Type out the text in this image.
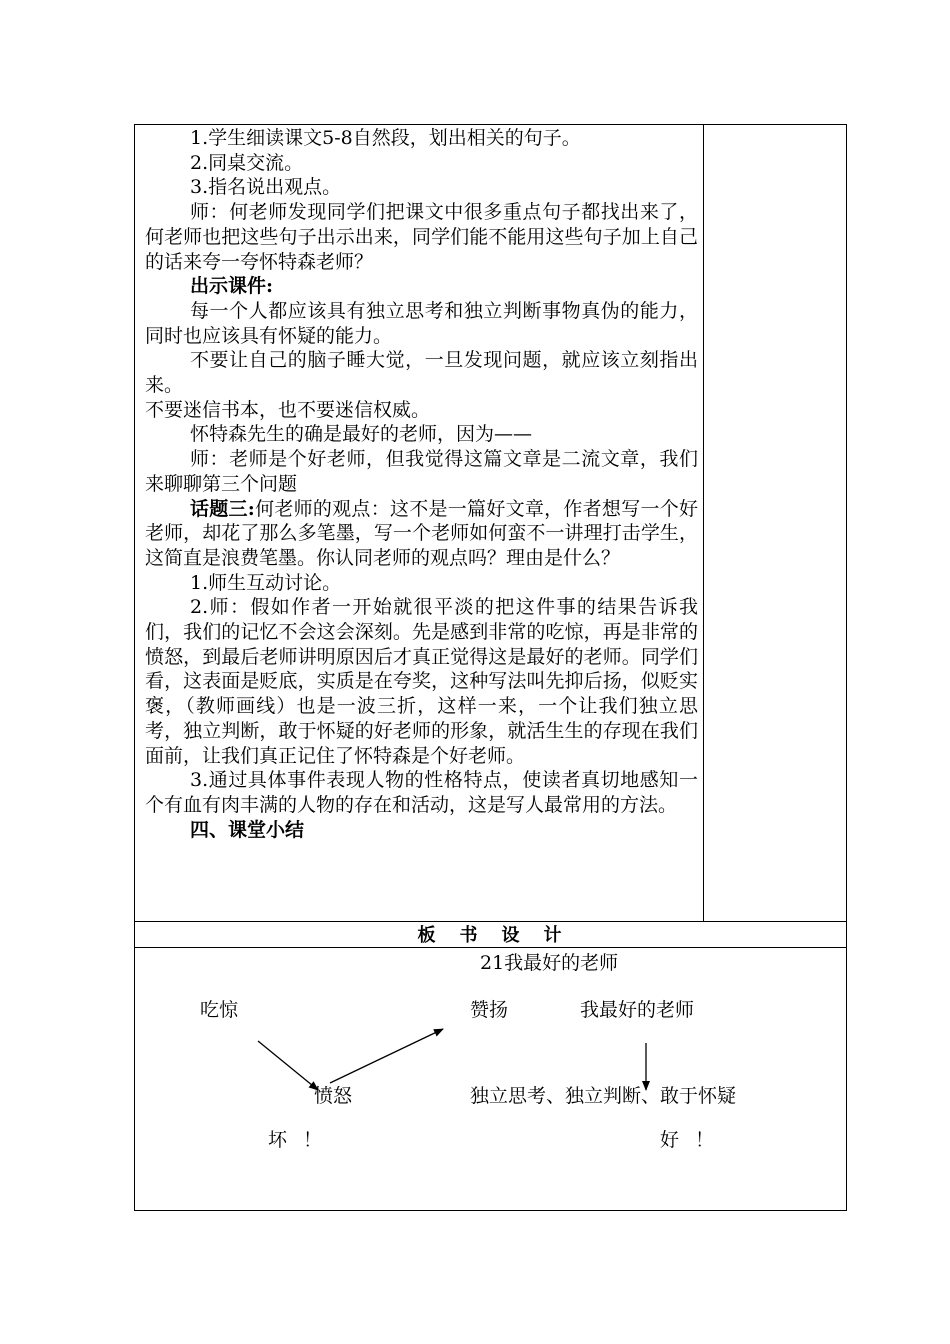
1.学生细读课文5-8自然段，划出相关的句子。

2.同桌交流。

3.指名说出观点。

师：何老师发现同学们把课文中很多重点句子都找出来了，何老师也把这些句子出示出来，同学们能不能用这些句子加上自己的话来夸一夸怀特森老师？

出示课件:

每一个人都应该具有独立思考和独立判断事物真伪的能力，同时也应该具有怀疑的能力。

不要让自己的脑子睡大觉，一旦发现问题，就应该立刻指出来。

不要迷信书本，也不要迷信权威。

怀特森先生的确是最好的老师，因为——

师：老师是个好老师，但我觉得这篇文章是二流文章，我们来聊聊第三个问题

话题三:何老师的观点：这不是一篇好文章，作者想写一个好老师，却花了那么多笔墨，写一个老师如何蛮不一讲理打击学生，这简直是浪费笔墨。你认同老师的观点吗？理由是什么？

1.师生互动讨论。

2.师：假如作者一开始就很平淡的把这件事的结果告诉我们，我们的记忆不会这会深刻。先是感到非常的吃惊，再是非常的愤怒，到最后老师讲明原因后才真正觉得这是最好的老师。同学们看，这表面是贬底，实质是在夸奖，这种写法叫先抑后扬，似贬实褒，（教师画线）也是一波三折，这样一来，一个让我们独立思考，独立判断，敢于怀疑的好老师的形象，就活生生的存现在我们面前，让我们真正记住了怀特森是个好老师。

3.通过具体事件表现人物的性格特点，使读者真切地感知一个有血有肉丰满的人物的存在和活动，这是写人最常用的方法。

四、课堂小结

板 书 设 计
21我最好的老师
吃惊	赞扬	我最好的老师
愤怒	独立思考、独立判断、敢于怀疑
坏 ！	好 ！
